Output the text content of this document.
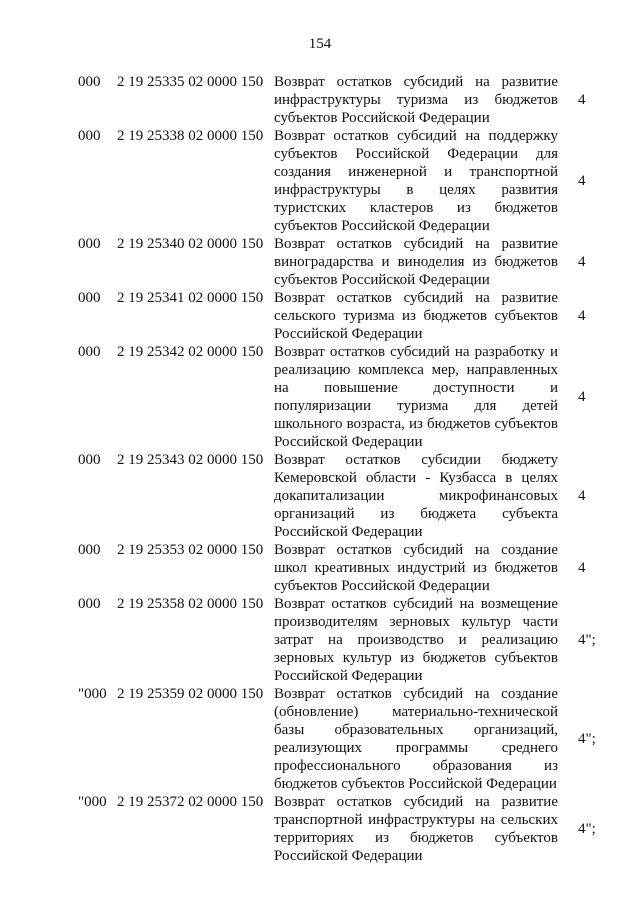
154
000 2 19 25335 02 0000 150 Возврат остатков субсидий на развитие инфраструктуры туризма из бюджетов субъектов Российской Федерации
4
000 2 19 25338 02 0000 150 Возврат остатков субсидий на поддержку субъектов Российской Федерации для создания инженерной и транспортной инфраструктуры в целях развития туристских кластеров из бюджетов субъектов Российской Федерации
4
000 2 19 25340 02 0000 150 Возврат остатков субсидий на развитие виноградарства и виноделия из бюджетов субъектов Российской Федерации
4
000 2 19 25341 02 0000 150 Возврат остатков субсидий на развитие сельского туризма из бюджетов субъектов Российской Федерации
4
000 2 19 25342 02 0000 150 Возврат остатков субсидий на разработку и реализацию комплекса мер, направленных на повышение доступности и популяризации туризма для детей школьного возраста, из бюджетов субъектов Российской Федерации
4
000 2 19 25343 02 0000 150 Возврат остатков субсидии бюджету Кемеровской области - Кузбасса в целях докапитализации микрофинансовых организаций из бюджета субъекта Российской Федерации
4
000 2 19 25353 02 0000 150 Возврат остатков субсидий на создание школ креативных индустрий из бюджетов субъектов Российской Федерации
4
000 2 19 25358 02 0000 150 Возврат остатков субсидий на возмещение производителям зерновых культур части затрат на производство и реализацию зерновых культур из бюджетов субъектов Российской Федерации
4";
"000 2 19 25359 02 0000 150 Возврат остатков субсидий на создание (обновление) материально-технической базы образовательных организаций, реализующих программы среднего профессионального образования из бюджетов субъектов Российской Федерации
4";
"000 2 19 25372 02 0000 150 Возврат остатков субсидий на развитие транспортной инфраструктуры на сельских территориях из бюджетов субъектов Российской Федерации
4";
